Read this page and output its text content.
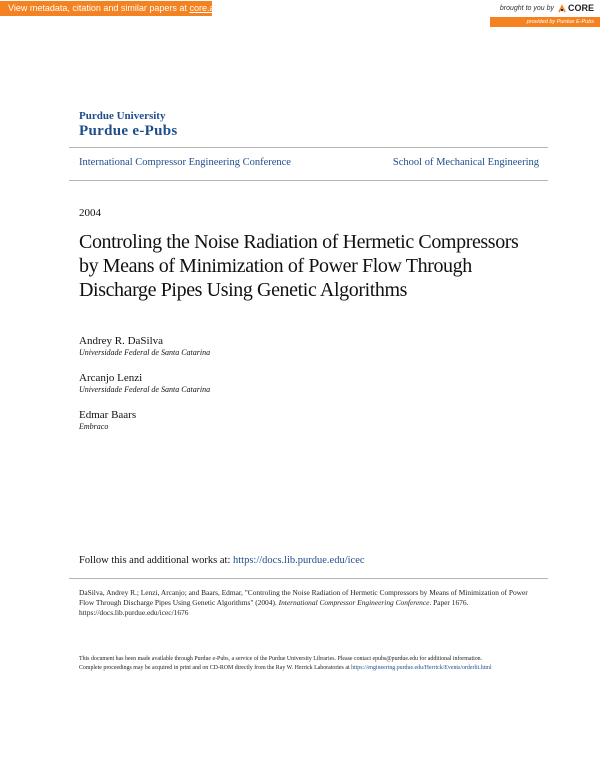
View metadata, citation and similar papers at core.ac.uk	brought to you by CORE
provided by Purdue E-Pubs
Purdue University
Purdue e-Pubs
International Compressor Engineering Conference	School of Mechanical Engineering
2004
Controling the Noise Radiation of Hermetic Compressors by Means of Minimization of Power Flow Through Discharge Pipes Using Genetic Algorithms
Andrey R. DaSilva
Universidade Federal de Santa Catarina
Arcanjo Lenzi
Universidade Federal de Santa Catarina
Edmar Baars
Embraco
Follow this and additional works at: https://docs.lib.purdue.edu/icec
DaSilva, Andrey R.; Lenzi, Arcanjo; and Baars, Edmar, "Controling the Noise Radiation of Hermetic Compressors by Means of Minimization of Power Flow Through Discharge Pipes Using Genetic Algorithms" (2004). International Compressor Engineering Conference. Paper 1676.
https://docs.lib.purdue.edu/icec/1676
This document has been made available through Purdue e-Pubs, a service of the Purdue University Libraries. Please contact epubs@purdue.edu for additional information.
Complete proceedings may be acquired in print and on CD-ROM directly from the Ray W. Herrick Laboratories at https://engineering.purdue.edu/Herrick/Events/orderlit.html
